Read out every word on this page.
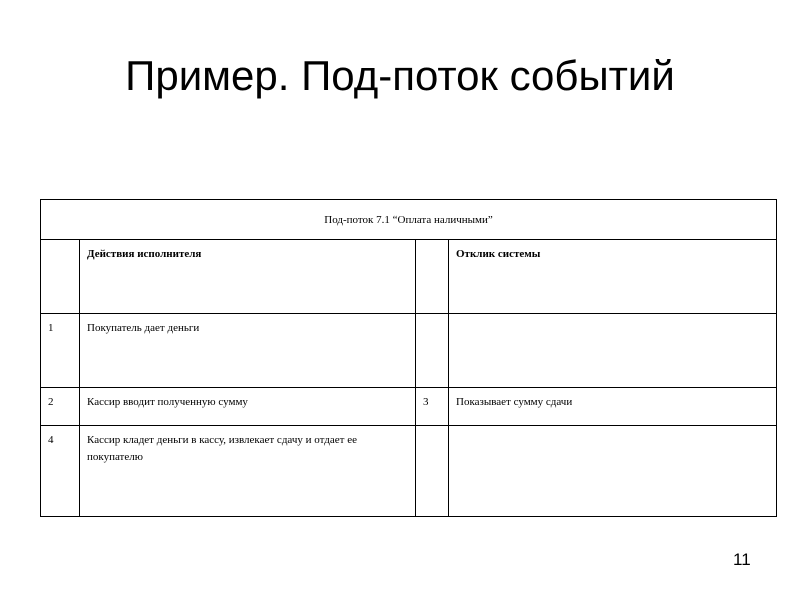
Пример. Под-поток событий
Под-поток 7.1 “Оплата наличными”			
	Действия исполнителя		Отклик системы
1	Покупатель дает деньги		
2	Кассир вводит полученную сумму	3	Показывает сумму сдачи
4	Кассир кладет деньги в кассу, извлекает сдачу и отдает ее покупателю		
11
